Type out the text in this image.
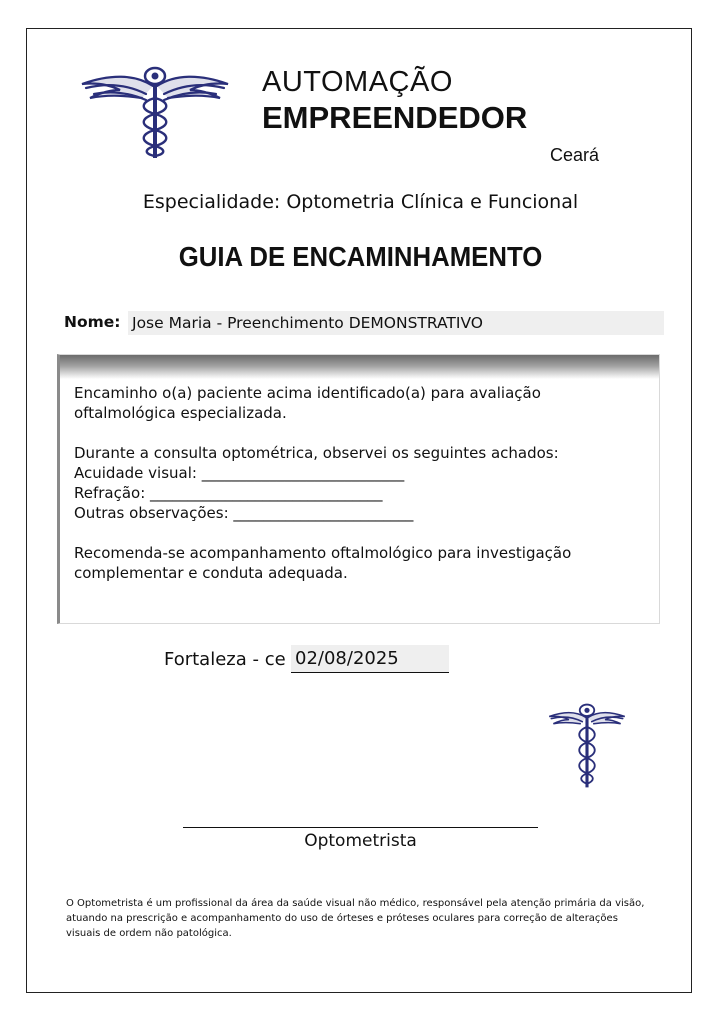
AUTOMAÇÃO
EMPREENDEDOR
Ceará
Especialidade: Optometria Clínica e Funcional
GUIA DE ENCAMINHAMENTO
Nome: Jose Maria - Preenchimento DEMONSTRATIVO

Encaminho o(a) paciente acima identificado(a) para avaliação

oftalmológica especializada.

Durante a consulta optométrica, observei os seguintes achados:

Acuidade visual: ___________________________

Refração: _______________________________

Outras observações: ________________________

Recomenda-se acompanhamento oftalmológico para investigação

complementar e conduta adequada.

Fortaleza - ce 02/08/2025
Optometrista
O Optometrista é um profissional da área da saúde visual não médico, responsável pela atenção primária da visão,
atuando na prescrição e acompanhamento do uso de órteses e próteses oculares para correção de alterações
visuais de ordem não patológica.
